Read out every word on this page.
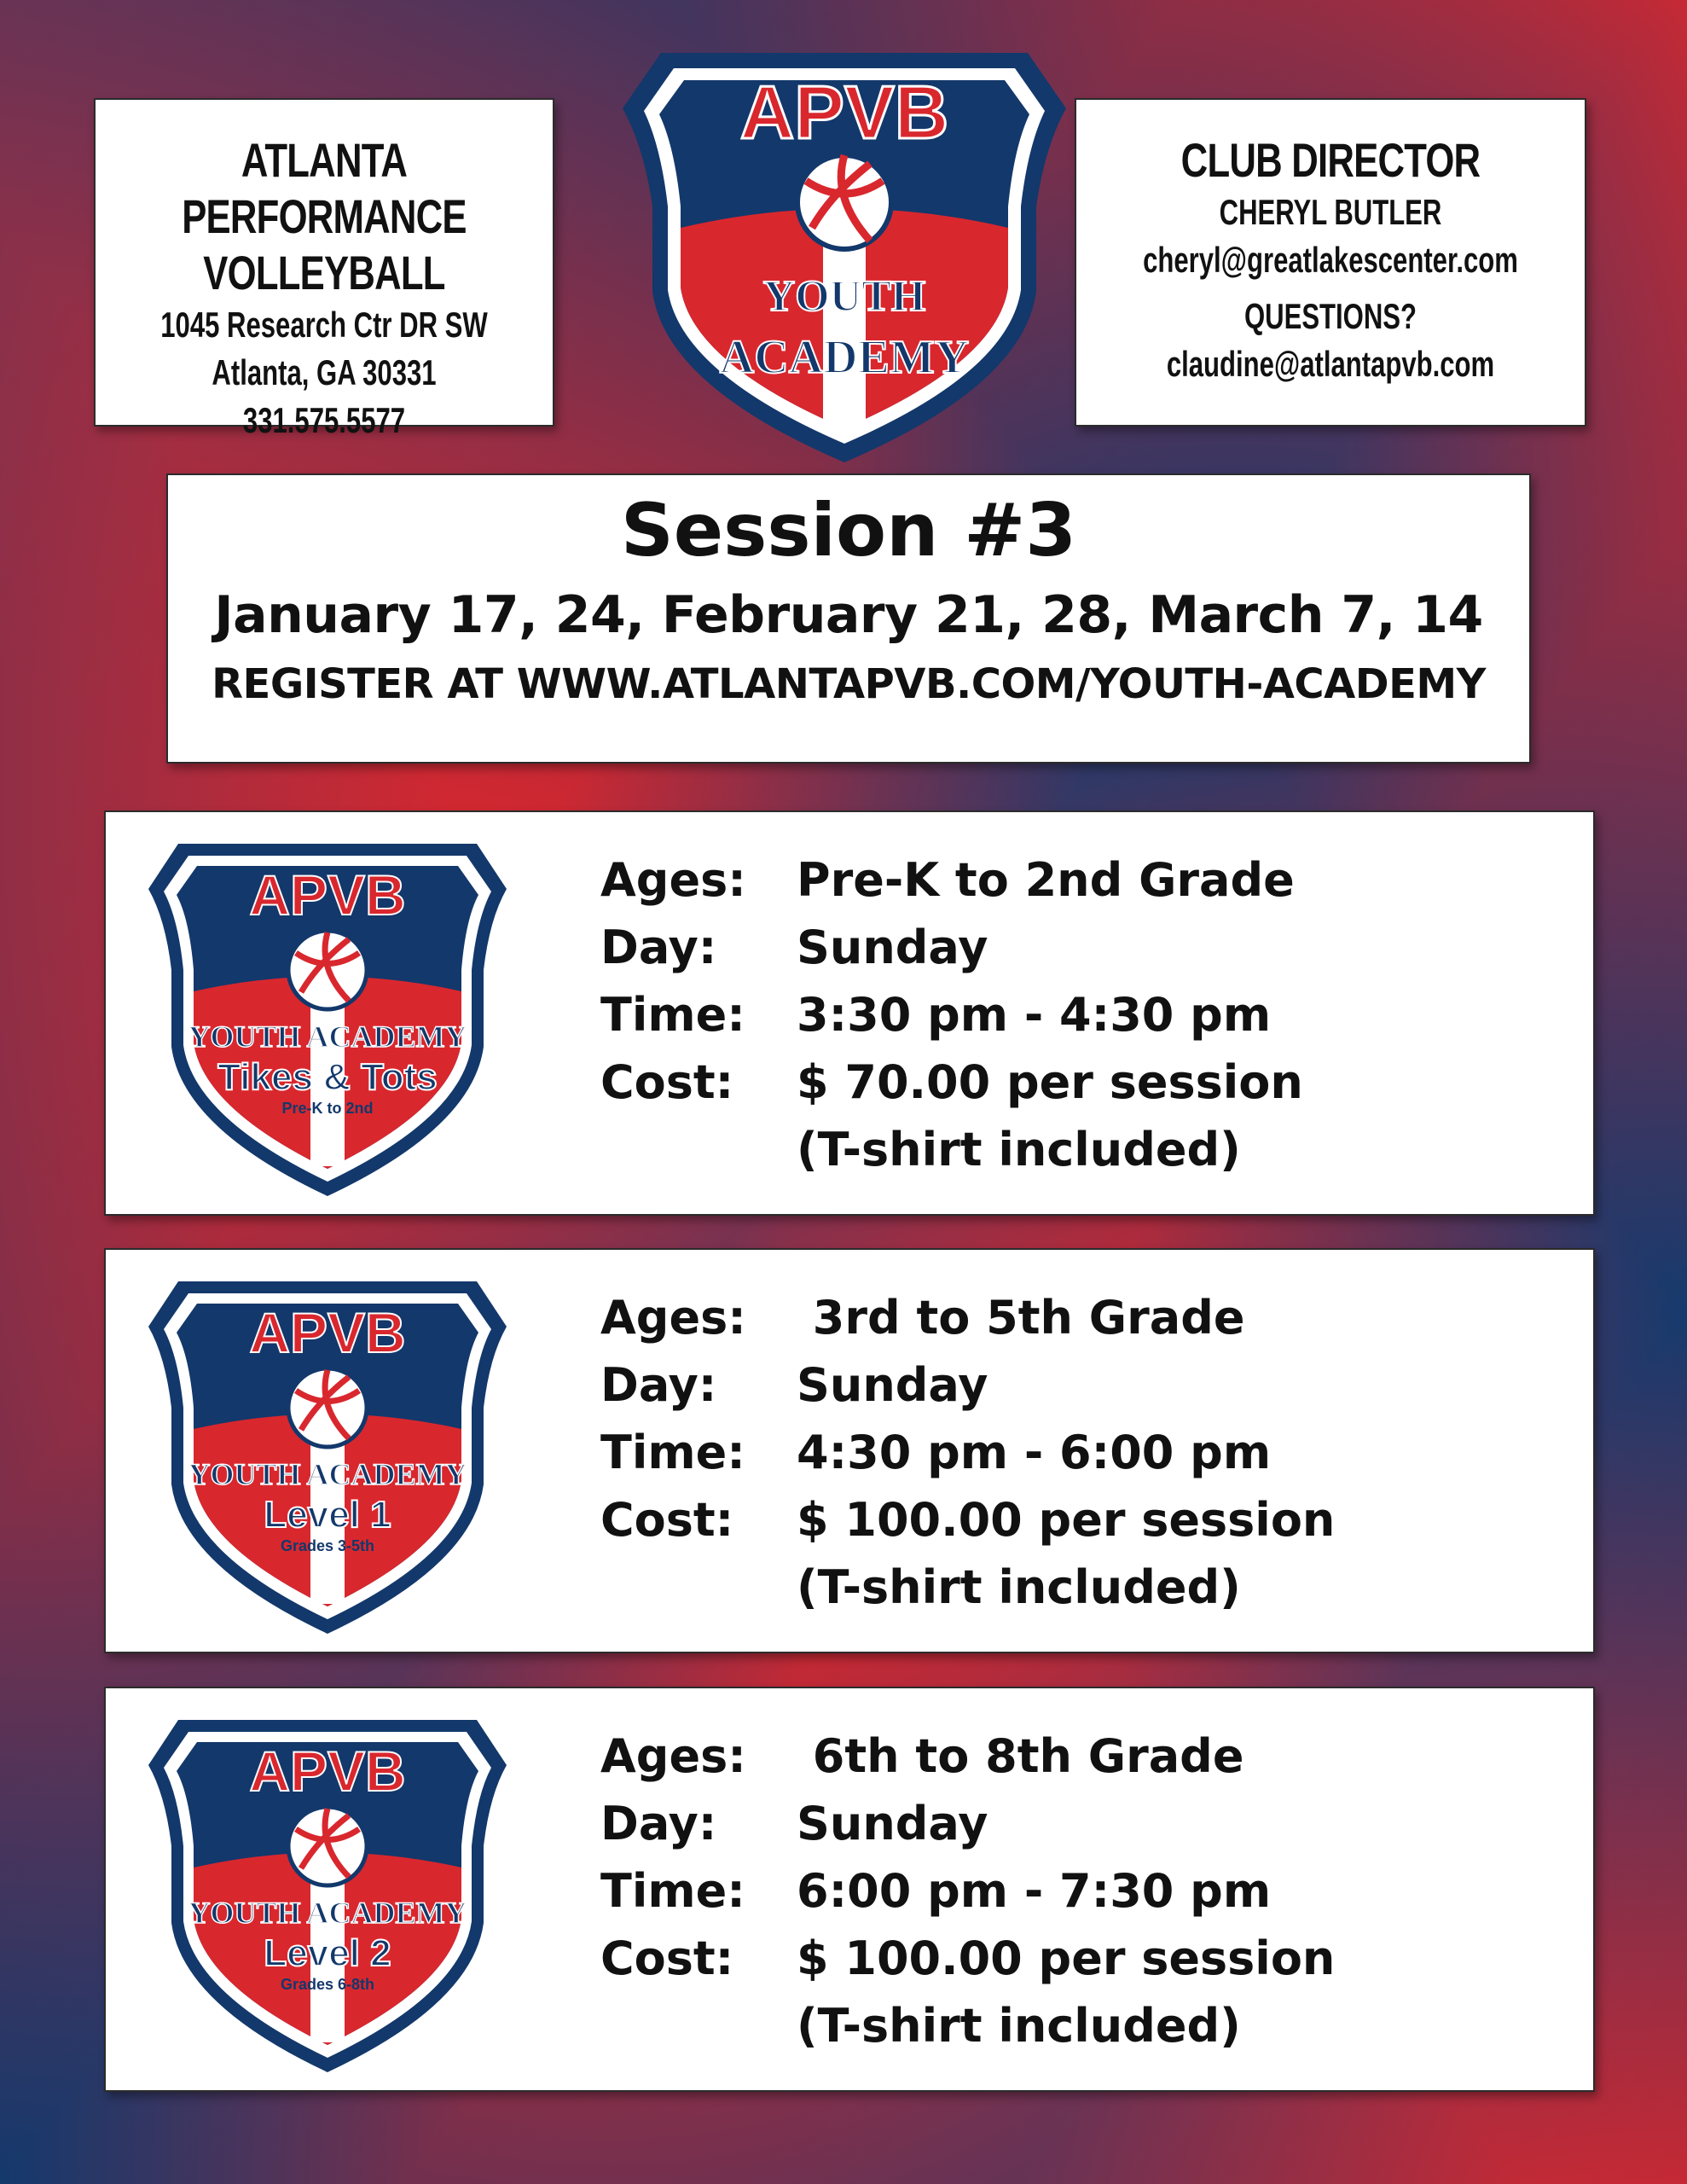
ATLANTA PERFORMANCE
VOLLEYBALL
1045 Research Ctr DR SW
Atlanta, GA 30331
331.575.5577
CLUB DIRECTOR
CHERYL BUTLER
cheryl@greatlakescenter.com
QUESTIONS?
claudine@atlantapvb.com
APVB
YOUTH
ACADEMY
Session #3
January 17, 24, February 21, 28, March 7, 14
REGISTER AT WWW.ATLANTAPVB.COM/YOUTH-ACADEMY
APVB
YOUTH ACADEMY
Tikes & Tots
Pre-K to 2nd
Ages:	Pre-K to 2nd Grade
Day:	Sunday
Time:	3:30 pm - 4:30 pm
Cost:	$ 70.00 per session
(T-shirt included)
APVB
YOUTH ACADEMY
Level 1
Grades 3-5th
Ages:	3rd to 5th Grade
Day:	Sunday
Time:	4:30 pm - 6:00 pm
Cost:	$ 100.00 per session
(T-shirt included)
APVB
YOUTH ACADEMY
Level 2
Grades 6-8th
Ages:	6th to 8th Grade
Day:	Sunday
Time:	6:00 pm - 7:30 pm
Cost:	$ 100.00 per session
(T-shirt included)
